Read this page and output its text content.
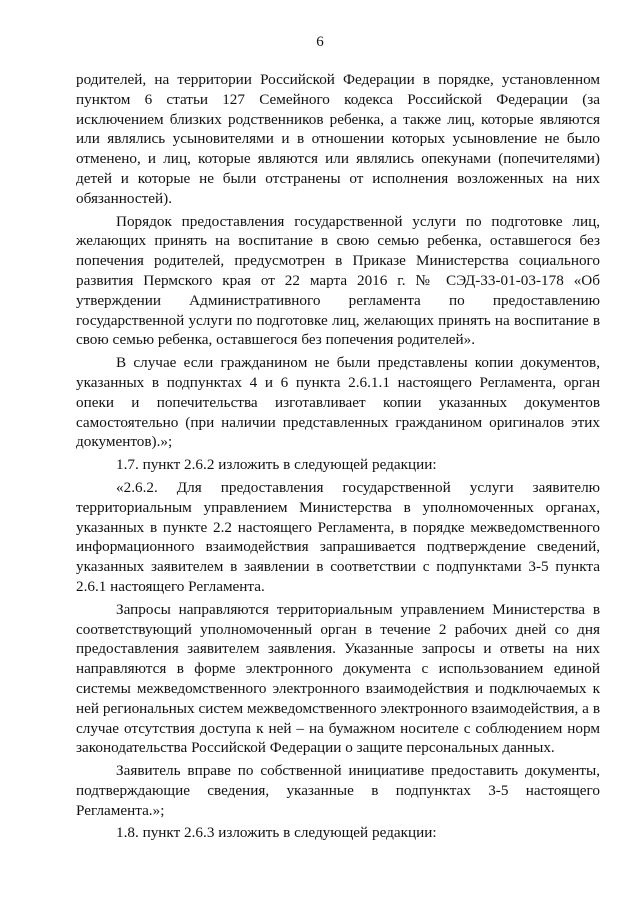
6

родителей, на территории Российской Федерации в порядке, установленном пунктом 6 статьи 127 Семейного кодекса Российской Федерации (за исключением близких родственников ребенка, а также лиц, которые являются или являлись усыновителями и в отношении которых усыновление не было отменено, и лиц, которые являются или являлись опекунами (попечителями) детей и которые не были отстранены от исполнения возложенных на них обязанностей).

Порядок предоставления государственной услуги по подготовке лиц, желающих принять на воспитание в свою семью ребенка, оставшегося без попечения родителей, предусмотрен в Приказе Министерства социального развития Пермского края от 22 марта 2016 г. № СЭД-33-01-03-178 «Об утверждении Административного регламента по предоставлению государственной услуги по подготовке лиц, желающих принять на воспитание в свою семью ребенка, оставшегося без попечения родителей».

В случае если гражданином не были представлены копии документов, указанных в подпунктах 4 и 6 пункта 2.6.1.1 настоящего Регламента, орган опеки и попечительства изготавливает копии указанных документов самостоятельно (при наличии представленных гражданином оригиналов этих документов).»;

1.7. пункт 2.6.2 изложить в следующей редакции:

«2.6.2. Для предоставления государственной услуги заявителю территориальным управлением Министерства в уполномоченных органах, указанных в пункте 2.2 настоящего Регламента, в порядке межведомственного информационного взаимодействия запрашивается подтверждение сведений, указанных заявителем в заявлении в соответствии с подпунктами 3-5 пункта 2.6.1 настоящего Регламента.

Запросы направляются территориальным управлением Министерства в соответствующий уполномоченный орган в течение 2 рабочих дней со дня предоставления заявителем заявления. Указанные запросы и ответы на них направляются в форме электронного документа с использованием единой системы межведомственного электронного взаимодействия и подключаемых к ней региональных систем межведомственного электронного взаимодействия, а в случае отсутствия доступа к ней – на бумажном носителе с соблюдением норм законодательства Российской Федерации о защите персональных данных.

Заявитель вправе по собственной инициативе предоставить документы, подтверждающие сведения, указанные в подпунктах 3-5 настоящего Регламента.»;

1.8. пункт 2.6.3 изложить в следующей редакции:
